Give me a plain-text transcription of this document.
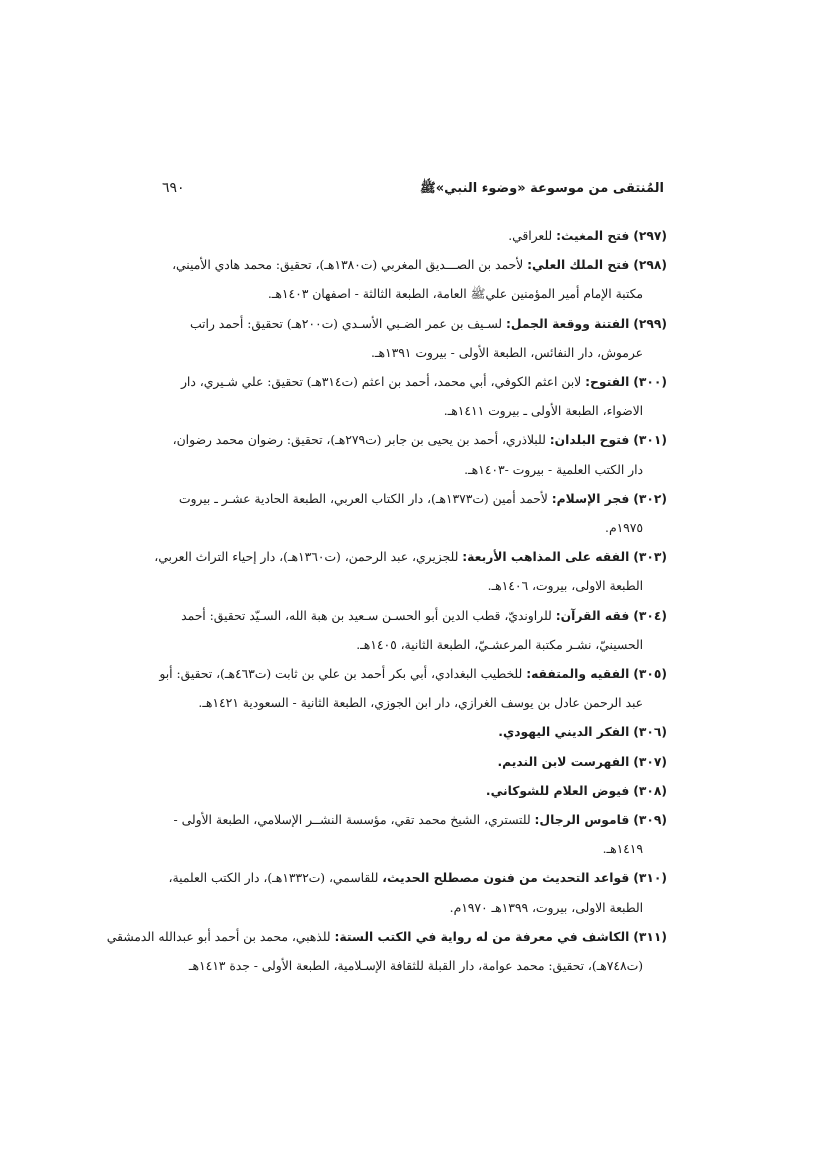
المُنتقى من موسوعة «وضوء النبي»ﷺ
٦٩٠
(٢٩٧) فتح المغيث: للعراقي.
(٢٩٨) فتح الملك العلي: لأحمد بن الصـــديق المغربي (ت١٣٨٠هـ)، تحقيق: محمد هادي الأميني،
مكتبة الإمام أمير المؤمنين عليﷺ العامة، الطبعة الثالثة - اصفهان ١٤٠٣هـ.
(٢٩٩) الفتنة ووقعة الجمل: لسـيف بن عمر الضـبي الأسـدي (ت٢٠٠هـ) تحقيق: أحمد راتب
عرموش، دار النفائس، الطبعة الأولى - بيروت ١٣٩١هـ.
(٣٠٠) الفتوح: لابن اعثم الكوفي، أبي محمد، أحمد بن اعثم (ت٣١٤هـ) تحقيق: علي شـيري، دار
الاضواء، الطبعة الأولى ـ بيروت ١٤١١هـ.
(٣٠١) فتوح البلدان: للبلاذري، أحمد بن يحيى بن جابر (ت٢٧٩هـ)، تحقيق: رضوان محمد رضوان،
دار الكتب العلمية - بيروت -١٤٠٣هـ.
(٣٠٢) فجر الإسلام: لأحمد أمين (ت١٣٧٣هـ)، دار الكتاب العربي، الطبعة الحادية عشـر ـ بيروت
١٩٧٥م.
(٣٠٣) الفقه على المذاهب الأربعة: للجزيري، عبد الرحمن، (ت١٣٦٠هـ)، دار إحياء التراث العربي،
الطبعة الاولى، بيروت، ١٤٠٦هـ.
(٣٠٤) فقه القرآن: للراونديّ، قطب الدين أبو الحسـن سـعيد بن هبة الله، السـيّد تحقيق: أحمد
الحسينيّ، نشـر مكتبة المرعشـيّ، الطبعة الثانية، ١٤٠٥هـ.
(٣٠٥) الفقيه والمتفقه: للخطيب البغدادي، أبي بكر أحمد بن علي بن ثابت (ت٤٦٣هـ)، تحقيق: أبو
عبد الرحمن عادل بن يوسف الغرازي، دار ابن الجوزي، الطبعة الثانية - السعودية ١٤٢١هـ.
(٣٠٦) الفكر الديني اليهودي.
(٣٠٧) الفهرست لابن النديم.
(٣٠٨) فيوض العلام للشوكاني.
(٣٠٩) قاموس الرجال: للتستري، الشيخ محمد تقي، مؤسسة النشــر الإسلامي، الطبعة الأولى -
١٤١٩هـ.
(٣١٠) قواعد التحديث من فنون مصطلح الحديث، للقاسمي، (ت١٣٣٢هـ)، دار الكتب العلمية،
الطبعة الاولى، بيروت، ١٣٩٩هـ ١٩٧٠م.
(٣١١) الكاشف في معرفة من له رواية في الكتب الستة: للذهبي، محمد بن أحمد أبو عبدالله الدمشقي
(ت٧٤٨هـ)، تحقيق: محمد عوامة، دار القبلة للثقافة الإسـلامية، الطبعة الأولى - جدة ١٤١٣هـ
